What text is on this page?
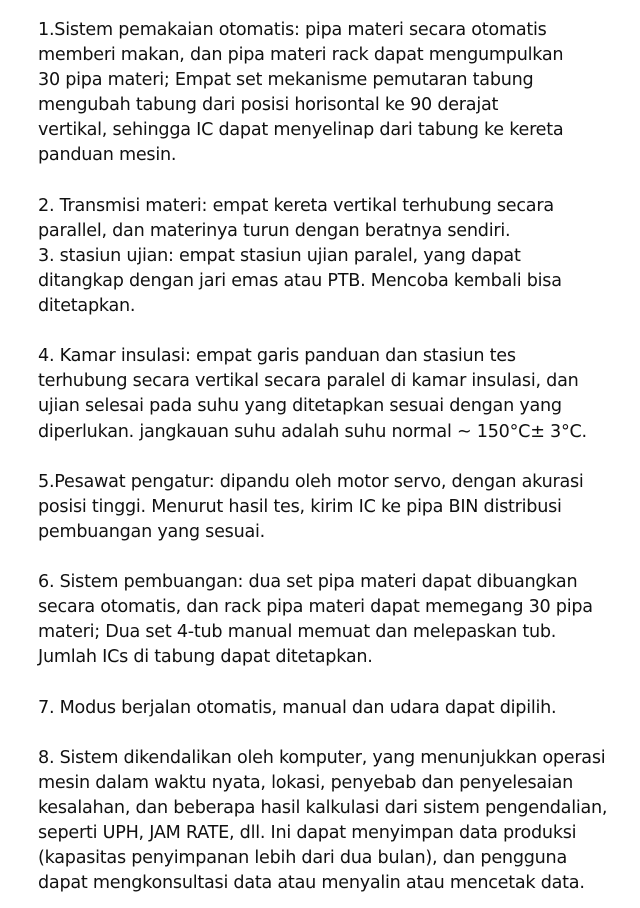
1.Sistem pemakaian otomatis: pipa materi secara otomatis
memberi makan, dan pipa materi rack dapat mengumpulkan
30 pipa materi; Empat set mekanisme pemutaran tabung
mengubah tabung dari posisi horisontal ke 90 derajat
vertikal, sehingga IC dapat menyelinap dari tabung ke kereta
panduan mesin.
2. Transmisi materi: empat kereta vertikal terhubung secara
parallel, dan materinya turun dengan beratnya sendiri.
3. stasiun ujian: empat stasiun ujian paralel, yang dapat
ditangkap dengan jari emas atau PTB. Mencoba kembali bisa
ditetapkan.
4. Kamar insulasi: empat garis panduan dan stasiun tes
terhubung secara vertikal secara paralel di kamar insulasi, dan
ujian selesai pada suhu yang ditetapkan sesuai dengan yang
diperlukan. jangkauan suhu adalah suhu normal ~ 150°C± 3°C.
5.Pesawat pengatur: dipandu oleh motor servo, dengan akurasi
posisi tinggi. Menurut hasil tes, kirim IC ke pipa BIN distribusi
pembuangan yang sesuai.
6. Sistem pembuangan: dua set pipa materi dapat dibuangkan
secara otomatis, dan rack pipa materi dapat memegang 30 pipa
materi; Dua set 4-tub manual memuat dan melepaskan tub.
Jumlah ICs di tabung dapat ditetapkan.
7. Modus berjalan otomatis, manual dan udara dapat dipilih.
8. Sistem dikendalikan oleh komputer, yang menunjukkan operasi
mesin dalam waktu nyata, lokasi, penyebab dan penyelesaian
kesalahan, dan beberapa hasil kalkulasi dari sistem pengendalian,
seperti UPH, JAM RATE, dll. Ini dapat menyimpan data produksi
(kapasitas penyimpanan lebih dari dua bulan), dan pengguna
dapat mengkonsultasi data atau menyalin atau mencetak data.
